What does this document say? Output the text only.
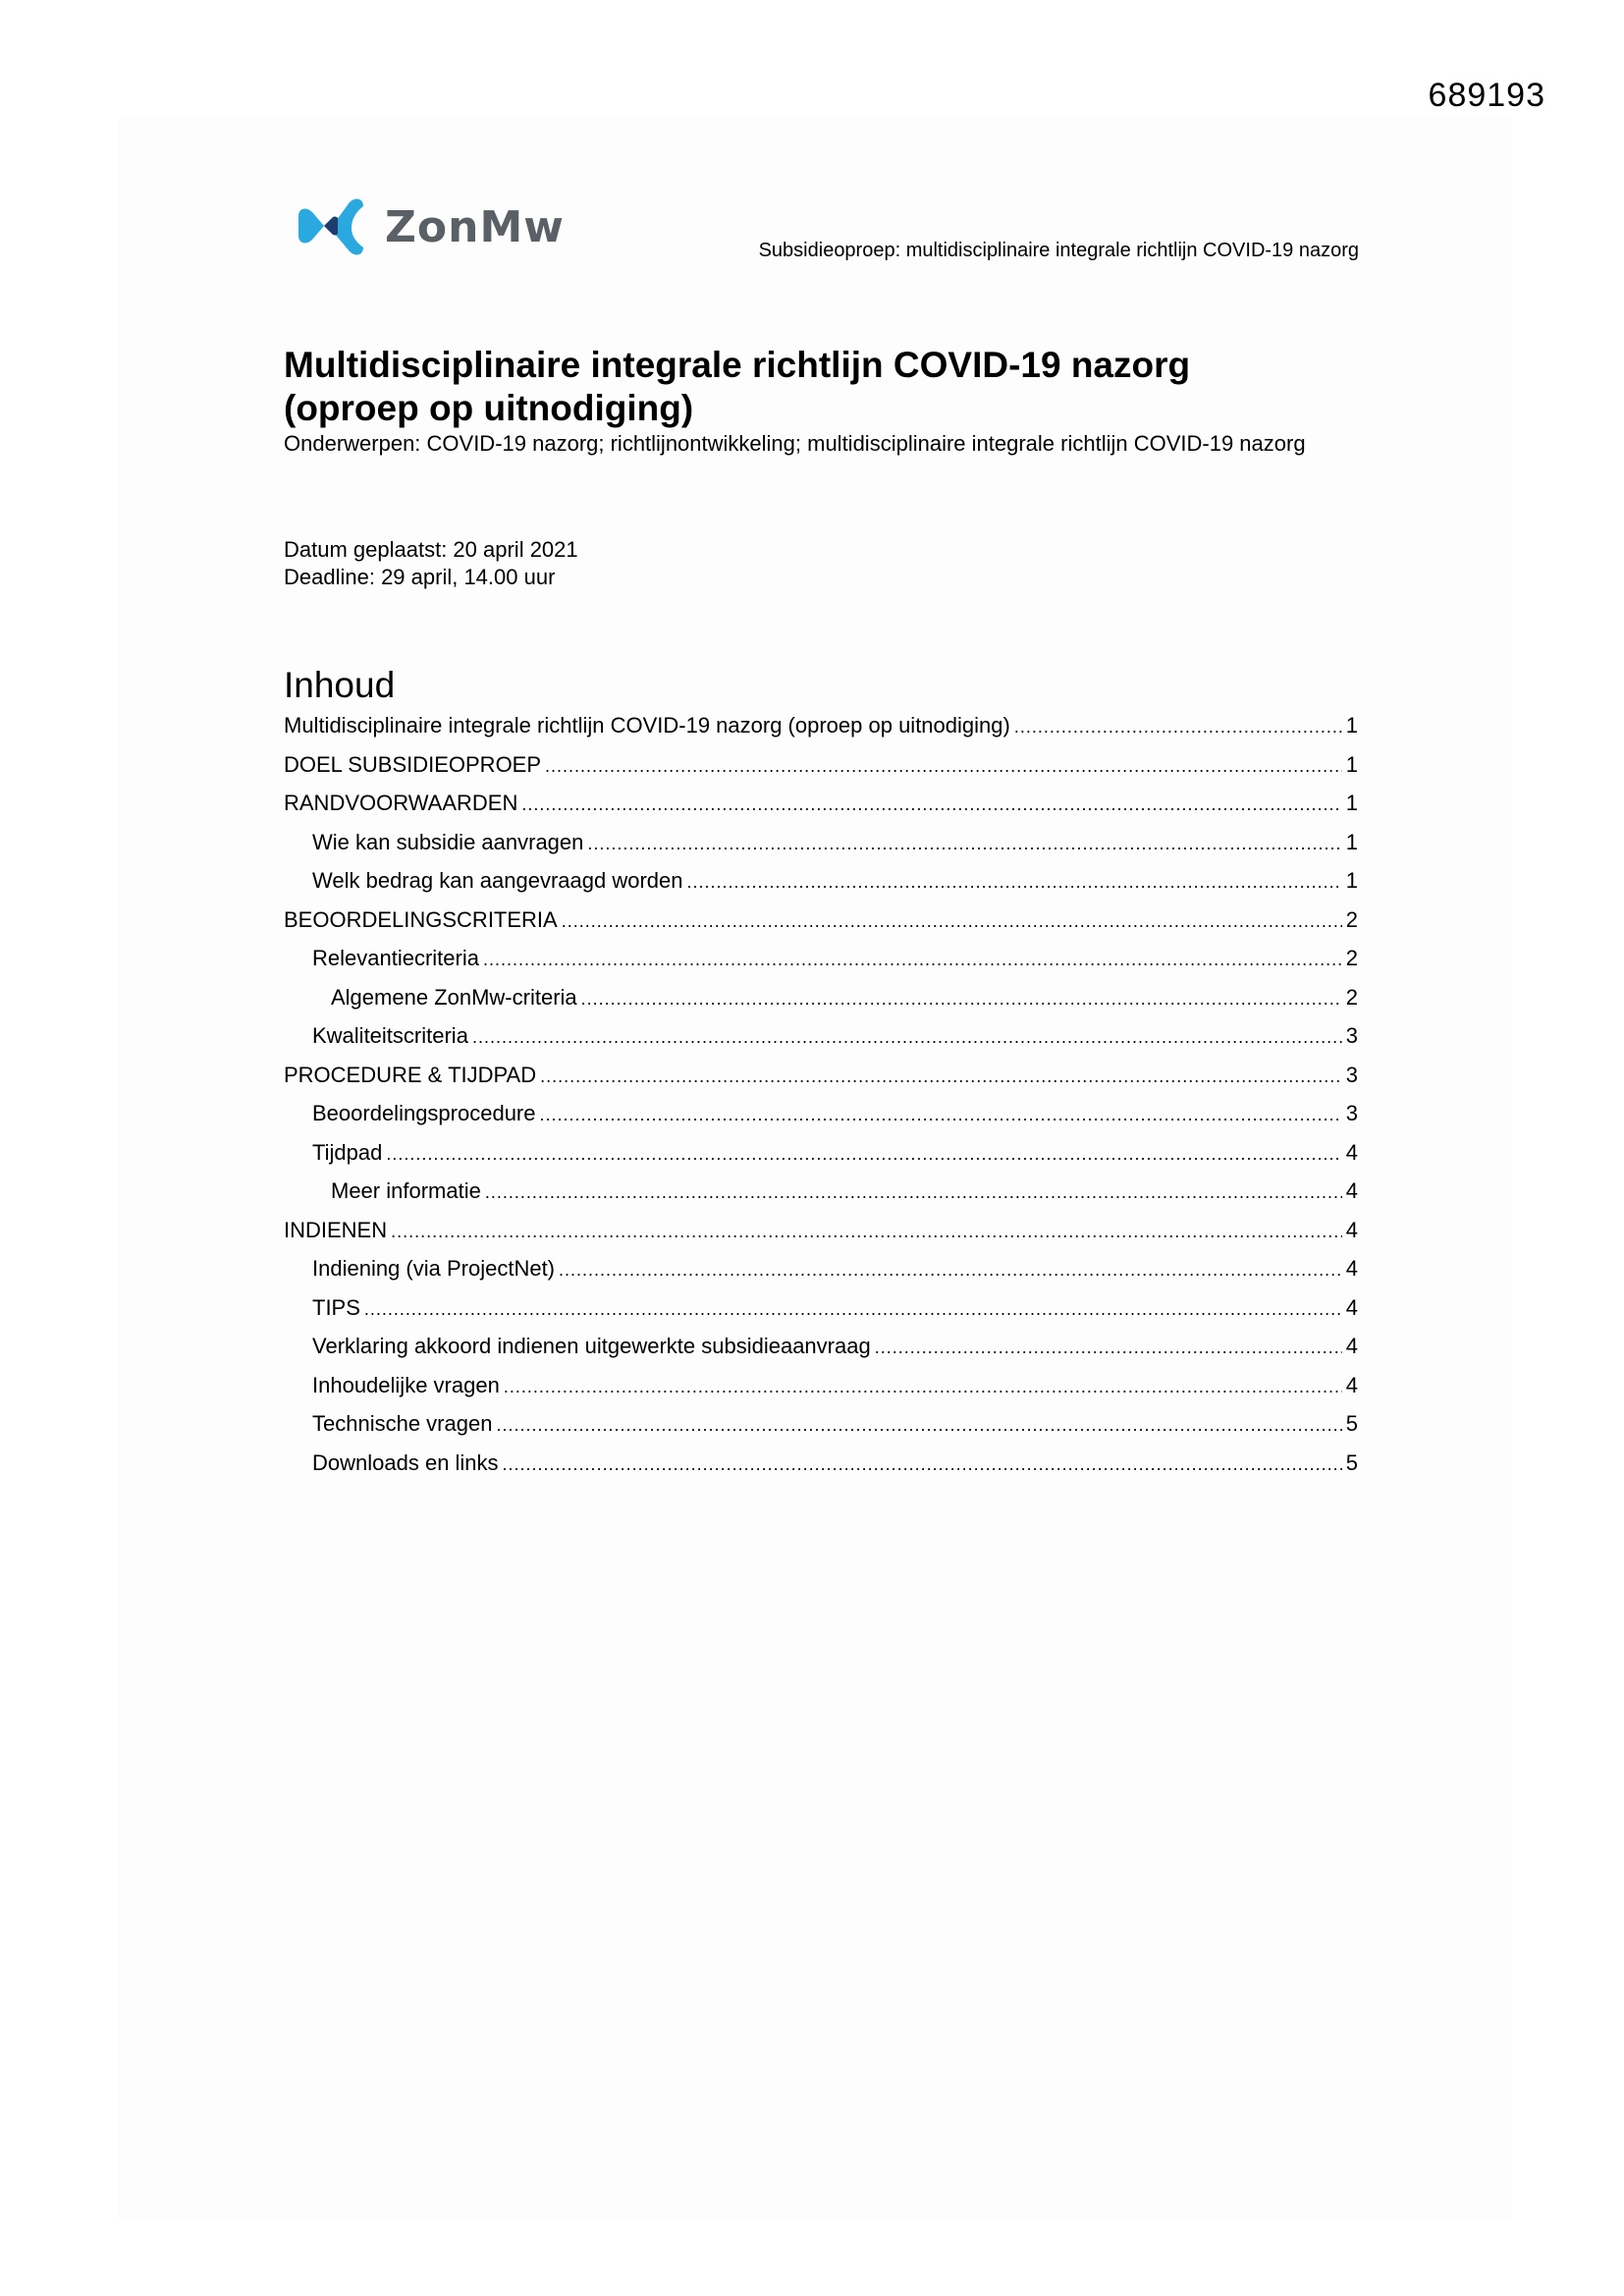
689193
ZonMw	Subsidieoproep: multidisciplinaire integrale richtlijn COVID-19 nazorg
Multidisciplinaire integrale richtlijn COVID-19 nazorg
(oproep op uitnodiging)

Onderwerpen: COVID-19 nazorg; richtlijnontwikkeling; multidisciplinaire integrale richtlijn COVID-19 nazorg

Datum geplaatst: 20 april 2021
Deadline: 29 april, 14.00 uur
Inhoud
Multidisciplinaire integrale richtlijn COVID-19 nazorg (oproep op uitnodiging) .....	1
DOEL SUBSIDIEOPROEP .....	1
RANDVOORWAARDEN .....	1
Wie kan subsidie aanvragen .....	1
Welk bedrag kan aangevraagd worden .....	1
BEOORDELINGSCRITERIA .....	2
Relevantiecriteria .....	2
Algemene ZonMw-criteria .....	2
Kwaliteitscriteria .....	3
PROCEDURE & TIJDPAD .....	3
Beoordelingsprocedure .....	3
Tijdpad .....	4
Meer informatie .....	4
INDIENEN .....	4
Indiening (via ProjectNet) .....	4
TIPS .....	4
Verklaring akkoord indienen uitgewerkte subsidieaanvraag .....	4
Inhoudelijke vragen .....	4
Technische vragen .....	5
Downloads en links .....	5
